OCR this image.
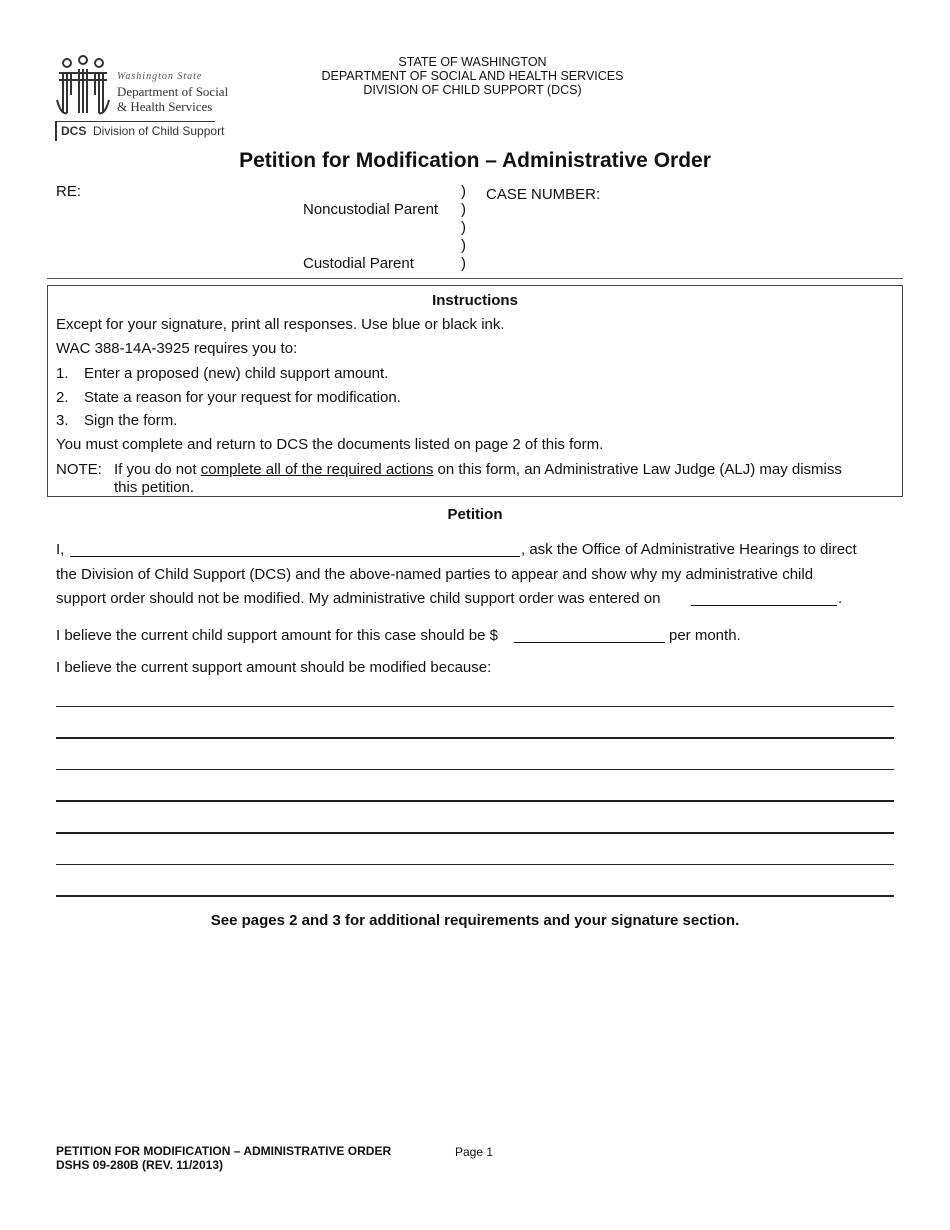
Washington State
Department of Social
& Health Services
DCS Division of Child Support
STATE OF WASHINGTON
DEPARTMENT OF SOCIAL AND HEALTH SERVICES
DIVISION OF CHILD SUPPORT (DCS)
Petition for Modification – Administrative Order
RE:
Noncustodial Parent
Custodial Parent
)
)
)
)
)
CASE NUMBER:
Instructions
Except for your signature, print all responses. Use blue or black ink.
WAC 388-14A-3925 requires you to:
1. Enter a proposed (new) child support amount.
2. State a reason for your request for modification.
3. Sign the form.
You must complete and return to DCS the documents listed on page 2 of this form.
NOTE: If you do not complete all of the required actions on this form, an Administrative Law Judge (ALJ) may dismiss
this petition.
Petition
I,	, ask the Office of Administrative Hearings to direct
the Division of Child Support (DCS) and the above-named parties to appear and show why my administrative child
support order should not be modified. My administrative child support order was entered on	.
I believe the current child support amount for this case should be $	per month.
I believe the current support amount should be modified because:
See pages 2 and 3 for additional requirements and your signature section.
PETITION FOR MODIFICATION – ADMINISTRATIVE ORDER
DSHS 09-280B (REV. 11/2013)
Page 1
